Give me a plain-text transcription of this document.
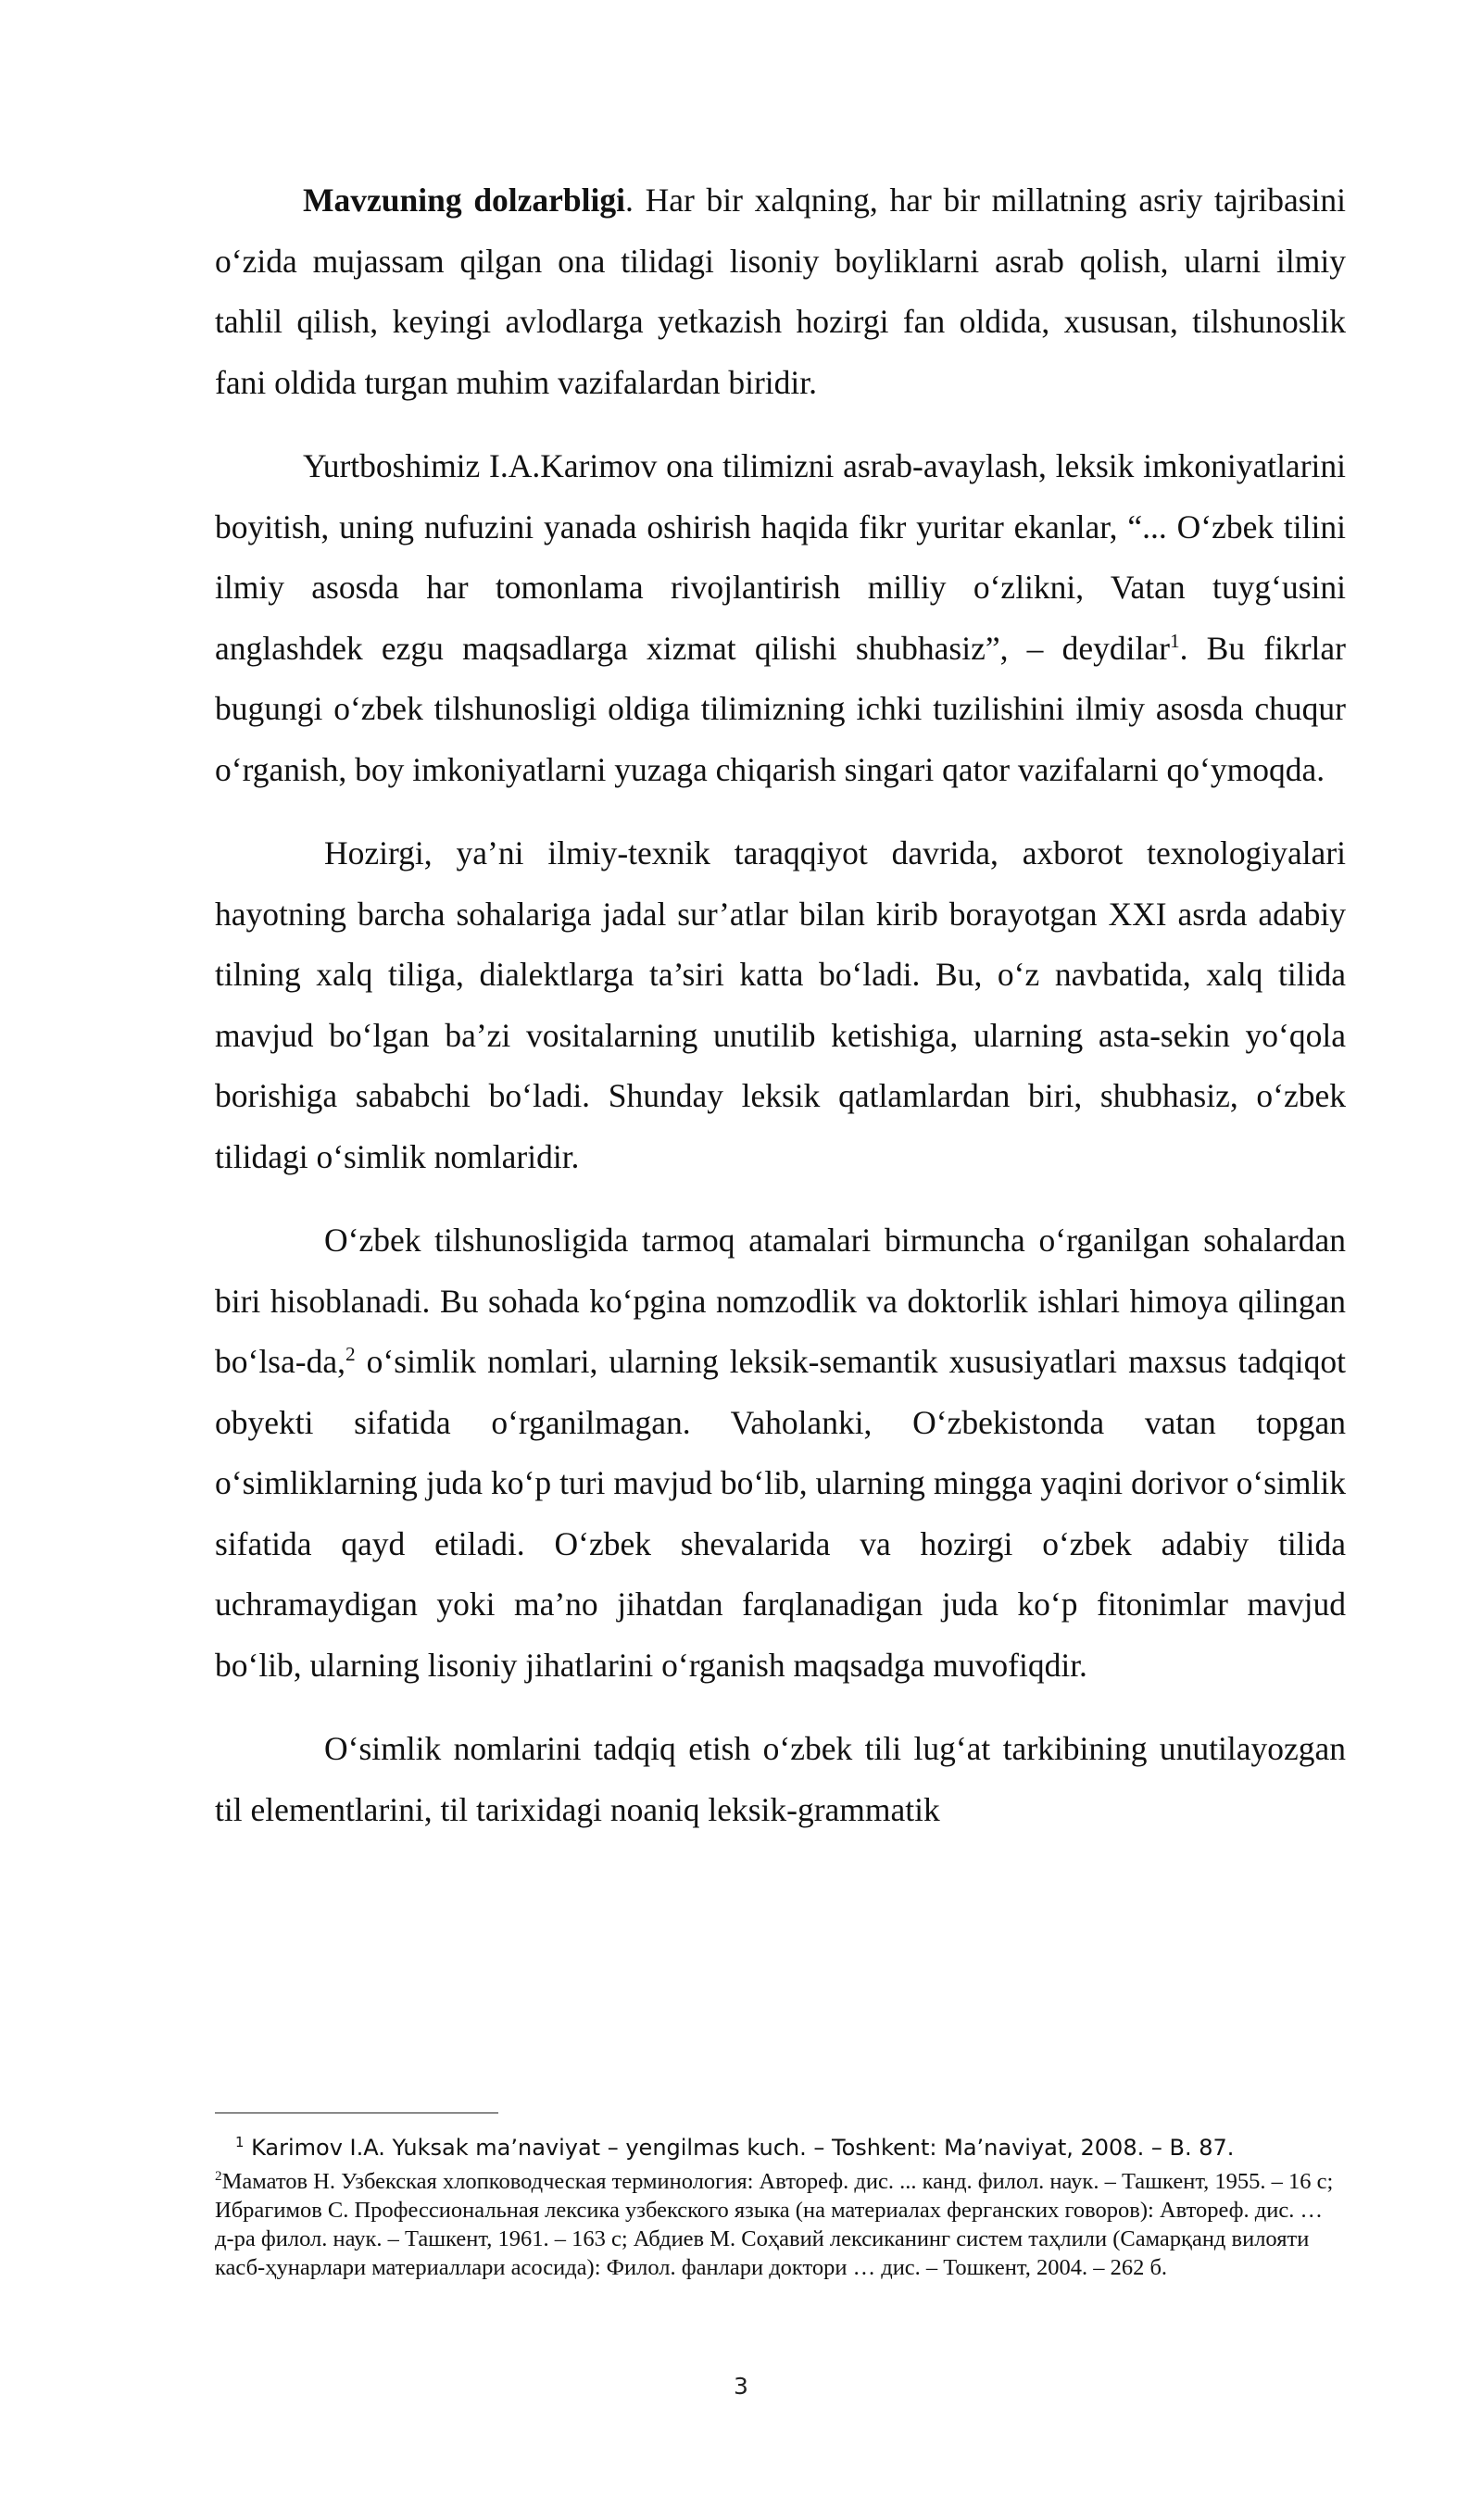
Mavzuning dolzarbligi. Har bir xalqning, har bir millatning asriy tajribasini o‘zida mujassam qilgan ona tilidagi lisoniy boyliklarni asrab qolish, ularni ilmiy tahlil qilish, keyingi avlodlarga yetkazish hozirgi fan oldida, xususan, tilshunoslik fani oldida turgan muhim vazifalardan biridir.

Yurtboshimiz I.A.Karimov ona tilimizni asrab-avaylash, leksik imkoniyatlarini boyitish, uning nufuzini yanada oshirish haqida fikr yuritar ekanlar, “... O‘zbek tilini ilmiy asosda har tomonlama rivojlantirish milliy o‘zlikni, Vatan tuyg‘usini anglashdek ezgu maqsadlarga xizmat qilishi shubhasiz”, – deydilar$^1$. Bu fikrlar bugungi o‘zbek tilshunosligi oldiga tilimizning ichki tuzilishini ilmiy asosda chuqur o‘rganish, boy imkoniyatlarni yuzaga chiqarish singari qator vazifalarni qo‘ymoqda.

Hozirgi, ya’ni ilmiy-texnik taraqqiyot davrida, axborot texnologiyalari hayotning barcha sohalariga jadal sur’atlar bilan kirib borayotgan XXI asrda adabiy tilning xalq tiliga, dialektlarga ta’siri katta bo‘ladi. Bu, o‘z navbatida, xalq tilida mavjud bo‘lgan ba’zi vositalarning unutilib ketishiga, ularning asta-sekin yo‘qola borishiga sababchi bo‘ladi. Shunday leksik qatlamlardan biri, shubhasiz, o‘zbek tilidagi o‘simlik nomlaridir.

O‘zbek tilshunosligida tarmoq atamalari birmuncha o‘rganilgan sohalardan biri hisoblanadi. Bu sohada ko‘pgina nomzodlik va doktorlik ishlari himoya qilingan bo‘lsa-da,$^2$ o‘simlik nomlari, ularning leksik-semantik xususiyatlari maxsus tadqiqot obyekti sifatida o‘rganilmagan. Vaholanki, O‘zbekistonda vatan topgan o‘simliklarning juda ko‘p turi mavjud bo‘lib, ularning mingga yaqini dorivor o‘simlik sifatida qayd etiladi. O‘zbek shevalarida va hozirgi o‘zbek adabiy tilida uchramaydigan yoki ma’no jihatdan farqlanadigan juda ko‘p fitonimlar mavjud bo‘lib, ularning lisoniy jihatlarini o‘rganish maqsadga muvofiqdir.

O‘simlik nomlarini tadqiq etish o‘zbek tili lug‘at tarkibining unutilayozgan til elementlarini, til tarixidagi noaniq leksik-grammatik

$^1$ Karimov I.A. Yuksak ma’naviyat – yengilmas kuch. – Toshkent: Ma’naviyat, 2008. – B. 87.

$^2$Маматов Н. Узбекская хлопководческая терминология: Автореф. дис. ... канд. филол. наук. – Ташкент, 1955. – 16 с; Ибрагимов С. Профессиональная лексика узбекского языка (на материалах ферганских говоров): Автореф. дис. … д-ра филол. наук. – Ташкент, 1961. – 163 с; Абдиев М. Соҳавий лексиканинг систем таҳлили (Самарқанд вилояти касб-ҳунарлари материаллари асосида): Филол. фанлари доктори … дис. – Тошкент, 2004. – 262 б.

3
